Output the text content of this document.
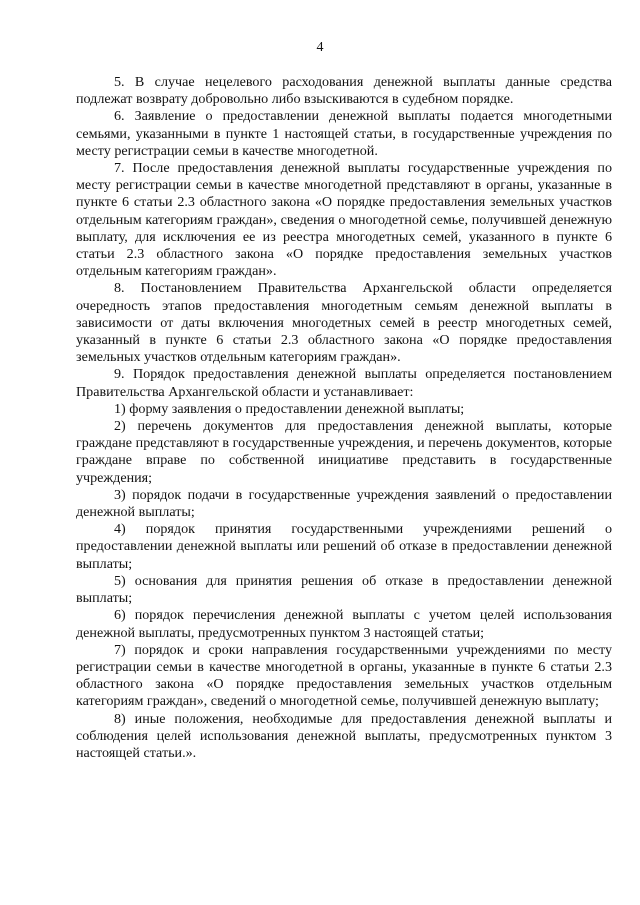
4

5. В случае нецелевого расходования денежной выплаты данные средства подлежат возврату добровольно либо взыскиваются в судебном порядке.

6. Заявление о предоставлении денежной выплаты подается многодетными семьями, указанными в пункте 1 настоящей статьи, в государственные учреждения по месту регистрации семьи в качестве многодетной.

7. После предоставления денежной выплаты государственные учреждения по месту регистрации семьи в качестве многодетной представляют в органы, указанные в пункте 6 статьи 2.3 областного закона «О порядке предоставления земельных участков отдельным категориям граждан», сведения о многодетной семье, получившей денежную выплату, для исключения ее из реестра многодетных семей, указанного в пункте 6 статьи 2.3 областного закона «О порядке предоставления земельных участков отдельным категориям граждан».

8. Постановлением Правительства Архангельской области определяется очередность этапов предоставления многодетным семьям денежной выплаты в зависимости от даты включения многодетных семей в реестр многодетных семей, указанный в пункте 6 статьи 2.3 областного закона «О порядке предоставления земельных участков отдельным категориям граждан».

9. Порядок предоставления денежной выплаты определяется постановлением Правительства Архангельской области и устанавливает:

1) форму заявления о предоставлении денежной выплаты;

2) перечень документов для предоставления денежной выплаты, которые граждане представляют в государственные учреждения, и перечень документов, которые граждане вправе по собственной инициативе представить в государственные учреждения;

3) порядок подачи в государственные учреждения заявлений о предоставлении денежной выплаты;

4) порядок принятия государственными учреждениями решений о предоставлении денежной выплаты или решений об отказе в предоставлении денежной выплаты;

5) основания для принятия решения об отказе в предоставлении денежной выплаты;

6) порядок перечисления денежной выплаты с учетом целей использования денежной выплаты, предусмотренных пунктом 3 настоящей статьи;

7) порядок и сроки направления государственными учреждениями по месту регистрации семьи в качестве многодетной в органы, указанные в пункте 6 статьи 2.3 областного закона «О порядке предоставления земельных участков отдельным категориям граждан», сведений о многодетной семье, получившей денежную выплату;

8) иные положения, необходимые для предоставления денежной выплаты и соблюдения целей использования денежной выплаты, предусмотренных пунктом 3 настоящей статьи.».
